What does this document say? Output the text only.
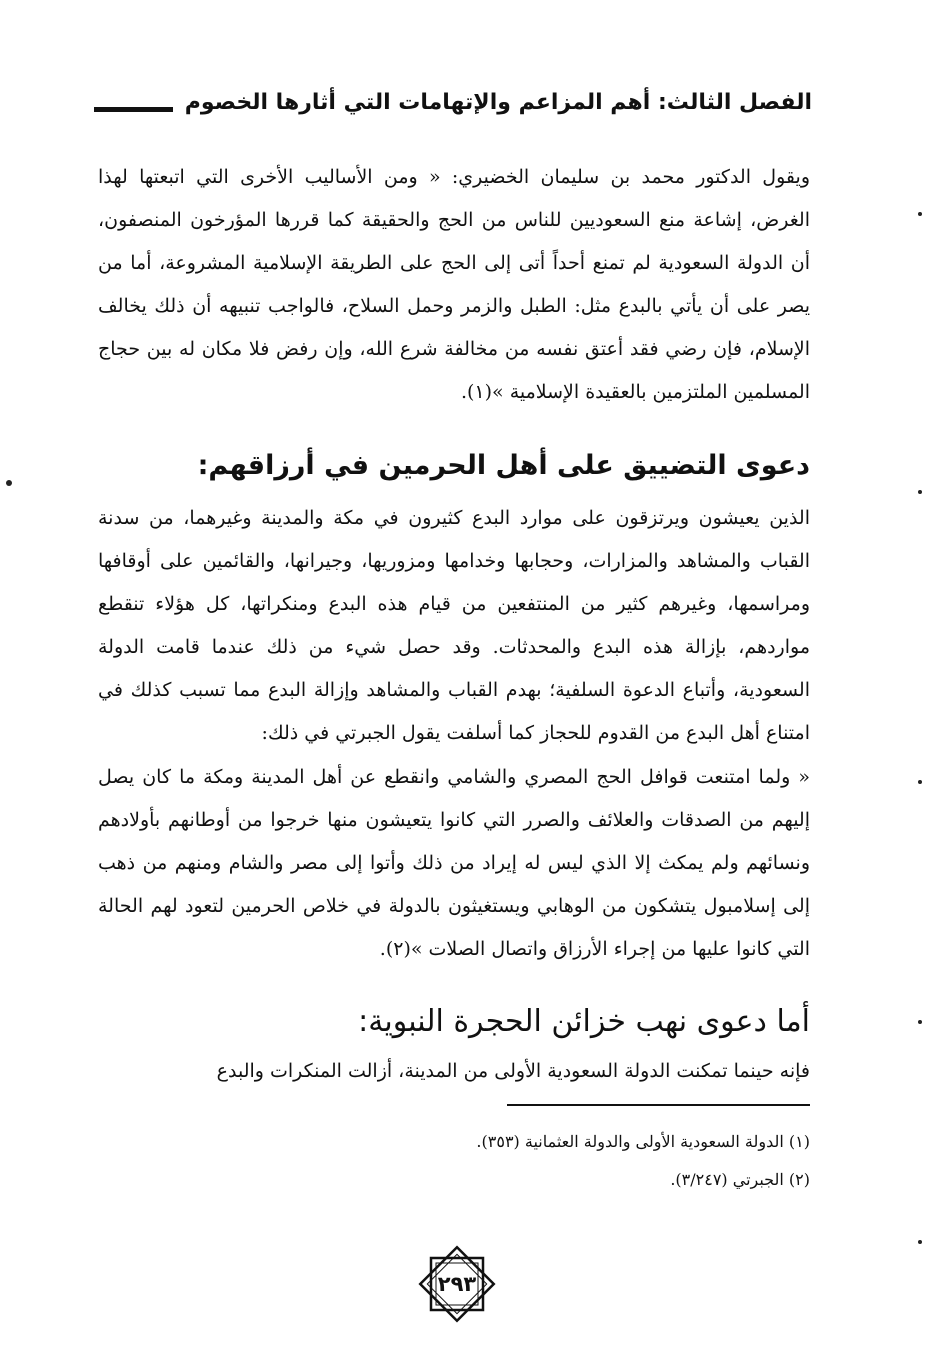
الفصل الثالث: أهم المزاعم والإتهامات التي أثارها الخصوم

ويقول الدكتور محمد بن سليمان الخضيري: « ومن الأساليب الأخرى التي اتبعتها لهذا الغرض، إشاعة منع السعوديين للناس من الحج والحقيقة كما قررها المؤرخون المنصفون، أن الدولة السعودية لم تمنع أحداً أتى إلى الحج على الطريقة الإسلامية المشروعة، أما من يصر على أن يأتي بالبدع مثل: الطبل والزمر وحمل السلاح، فالواجب تنبيهه أن ذلك يخالف الإسلام، فإن رضي فقد أعتق نفسه من مخالفة شرع الله، وإن رفض فلا مكان له بين حجاج المسلمين الملتزمين بالعقيدة الإسلامية »(١).

دعوى التضييق على أهل الحرمين في أرزاقهم:

الذين يعيشون ويرتزقون على موارد البدع كثيرون في مكة والمدينة وغيرهما، من سدنة القباب والمشاهد والمزارات، وحجابها وخدامها ومزوريها، وجيرانها، والقائمين على أوقافها ومراسمها، وغيرهم كثير من المنتفعين من قيام هذه البدع ومنكراتها، كل هؤلاء تنقطع مواردهم، بإزالة هذه البدع والمحدثات. وقد حصل شيء من ذلك عندما قامت الدولة السعودية، وأتباع الدعوة السلفية؛ بهدم القباب والمشاهد وإزالة البدع مما تسبب كذلك في امتناع أهل البدع من القدوم للحجاز كما أسلفت يقول الجبرتي في ذلك:

« ولما امتنعت قوافل الحج المصري والشامي وانقطع عن أهل المدينة ومكة ما كان يصل إليهم من الصدقات والعلائف والصرر التي كانوا يتعيشون منها خرجوا من أوطانهم بأولادهم ونسائهم ولم يمكث إلا الذي ليس له إيراد من ذلك وأتوا إلى مصر والشام ومنهم من ذهب إلى إسلامبول يتشكون من الوهابي ويستغيثون بالدولة في خلاص الحرمين لتعود لهم الحالة التي كانوا عليها من إجراء الأرزاق واتصال الصلات »(٢).

أما دعوى نهب خزائن الحجرة النبوية:

فإنه حينما تمكنت الدولة السعودية الأولى من المدينة، أزالت المنكرات والبدع

(١) الدولة السعودية الأولى والدولة العثمانية (٣٥٣).

(٢) الجبرتي (٣/٢٤٧).

٢٩٣
